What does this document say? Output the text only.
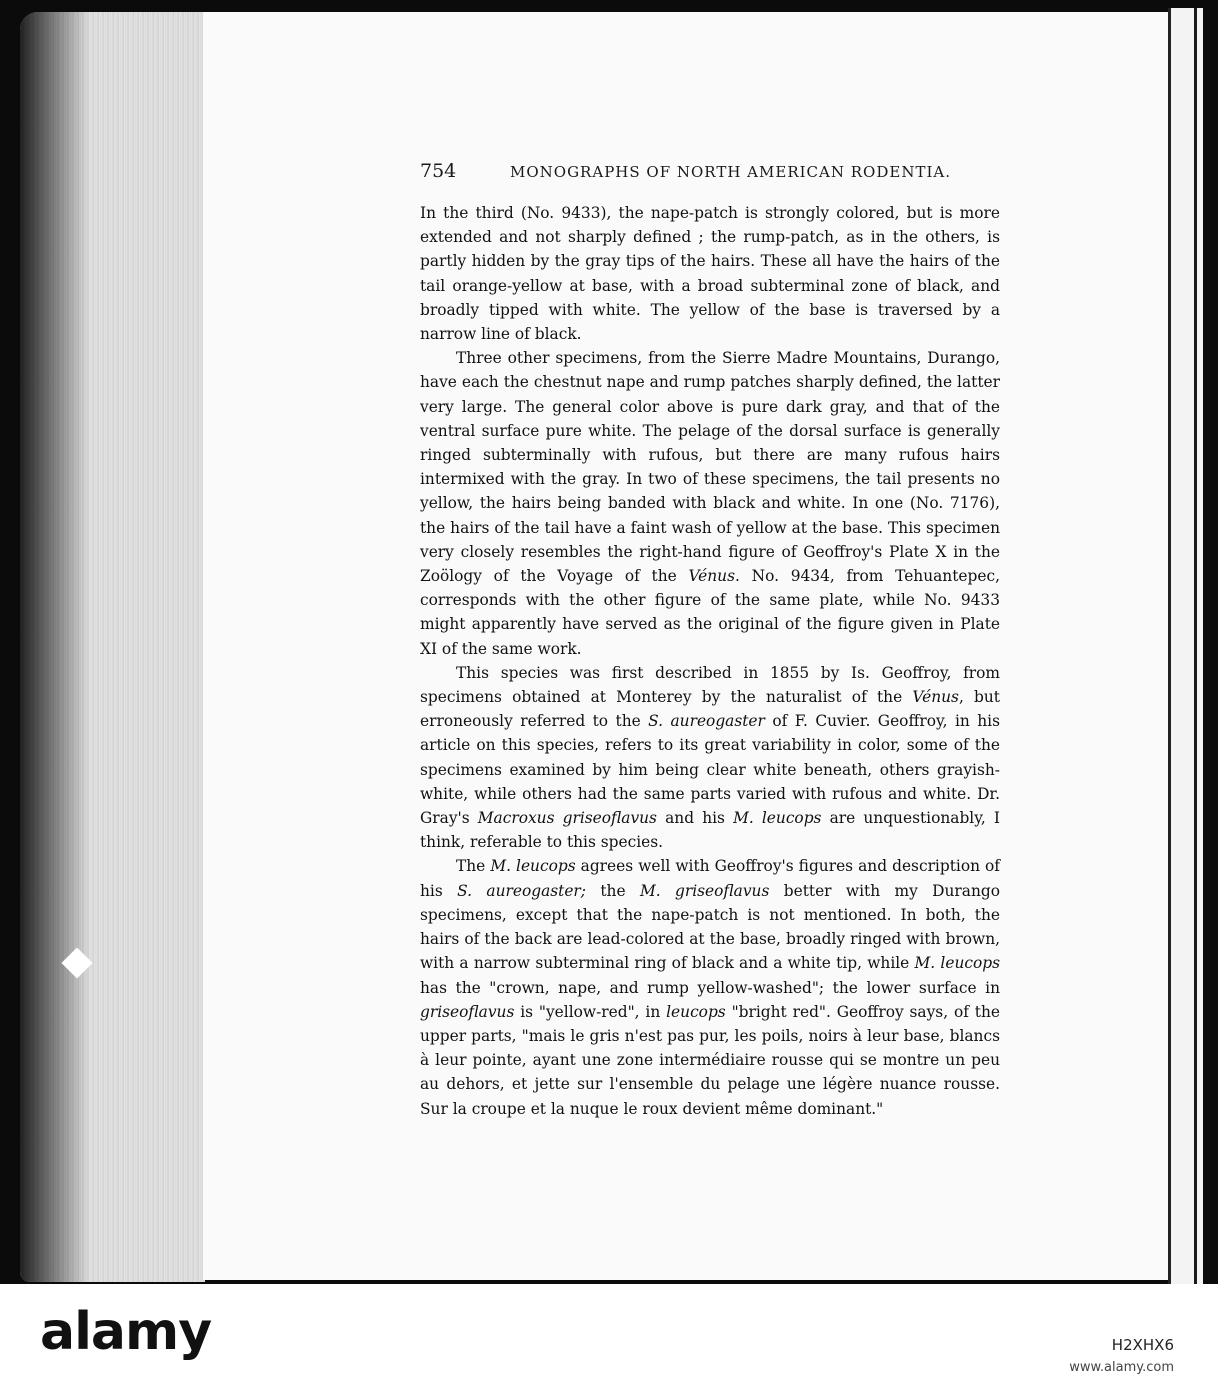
754	MONOGRAPHS OF NORTH AMERICAN RODENTIA.

In the third (No. 9433), the nape-patch is strongly colored, but is more extended and not sharply defined ; the rump-patch, as in the others, is partly hidden by the gray tips of the hairs. These all have the hairs of the tail orange-yellow at base, with a broad subterminal zone of black, and broadly tipped with white. The yellow of the base is traversed by a narrow line of black.

Three other specimens, from the Sierre Madre Mountains, Durango, have each the chestnut nape and rump patches sharply defined, the latter very large. The general color above is pure dark gray, and that of the ventral surface pure white. The pelage of the dorsal surface is generally ringed subterminally with rufous, but there are many rufous hairs intermixed with the gray. In two of these specimens, the tail presents no yellow, the hairs being banded with black and white. In one (No. 7176), the hairs of the tail have a faint wash of yellow at the base. This specimen very closely resembles the right-hand figure of Geoffroy's Plate X in the Zoölogy of the Voyage of the Vénus. No. 9434, from Tehuantepec, corresponds with the other figure of the same plate, while No. 9433 might apparently have served as the original of the figure given in Plate XI of the same work.

This species was first described in 1855 by Is. Geoffroy, from specimens obtained at Monterey by the naturalist of the Vénus, but erroneously referred to the S. aureogaster of F. Cuvier. Geoffroy, in his article on this species, refers to its great variability in color, some of the specimens examined by him being clear white beneath, others grayish-white, while others had the same parts varied with rufous and white. Dr. Gray's Macroxus griseoflavus and his M. leucops are unquestionably, I think, referable to this species.

The M. leucops agrees well with Geoffroy's figures and description of his S. aureogaster; the M. griseoflavus better with my Durango specimens, except that the nape-patch is not mentioned. In both, the hairs of the back are lead-colored at the base, broadly ringed with brown, with a narrow subterminal ring of black and a white tip, while M. leucops has the "crown, nape, and rump yellow-washed"; the lower surface in griseoflavus is "yellow-red", in leucops "bright red". Geoffroy says, of the upper parts, "mais le gris n'est pas pur, les poils, noirs à leur base, blancs à leur pointe, ayant une zone intermédiaire rousse qui se montre un peu au dehors, et jette sur l'ensemble du pelage une légère nuance rousse. Sur la croupe et la nuque le roux devient même dominant."

alamy	H2XHX6
www.alamy.com
